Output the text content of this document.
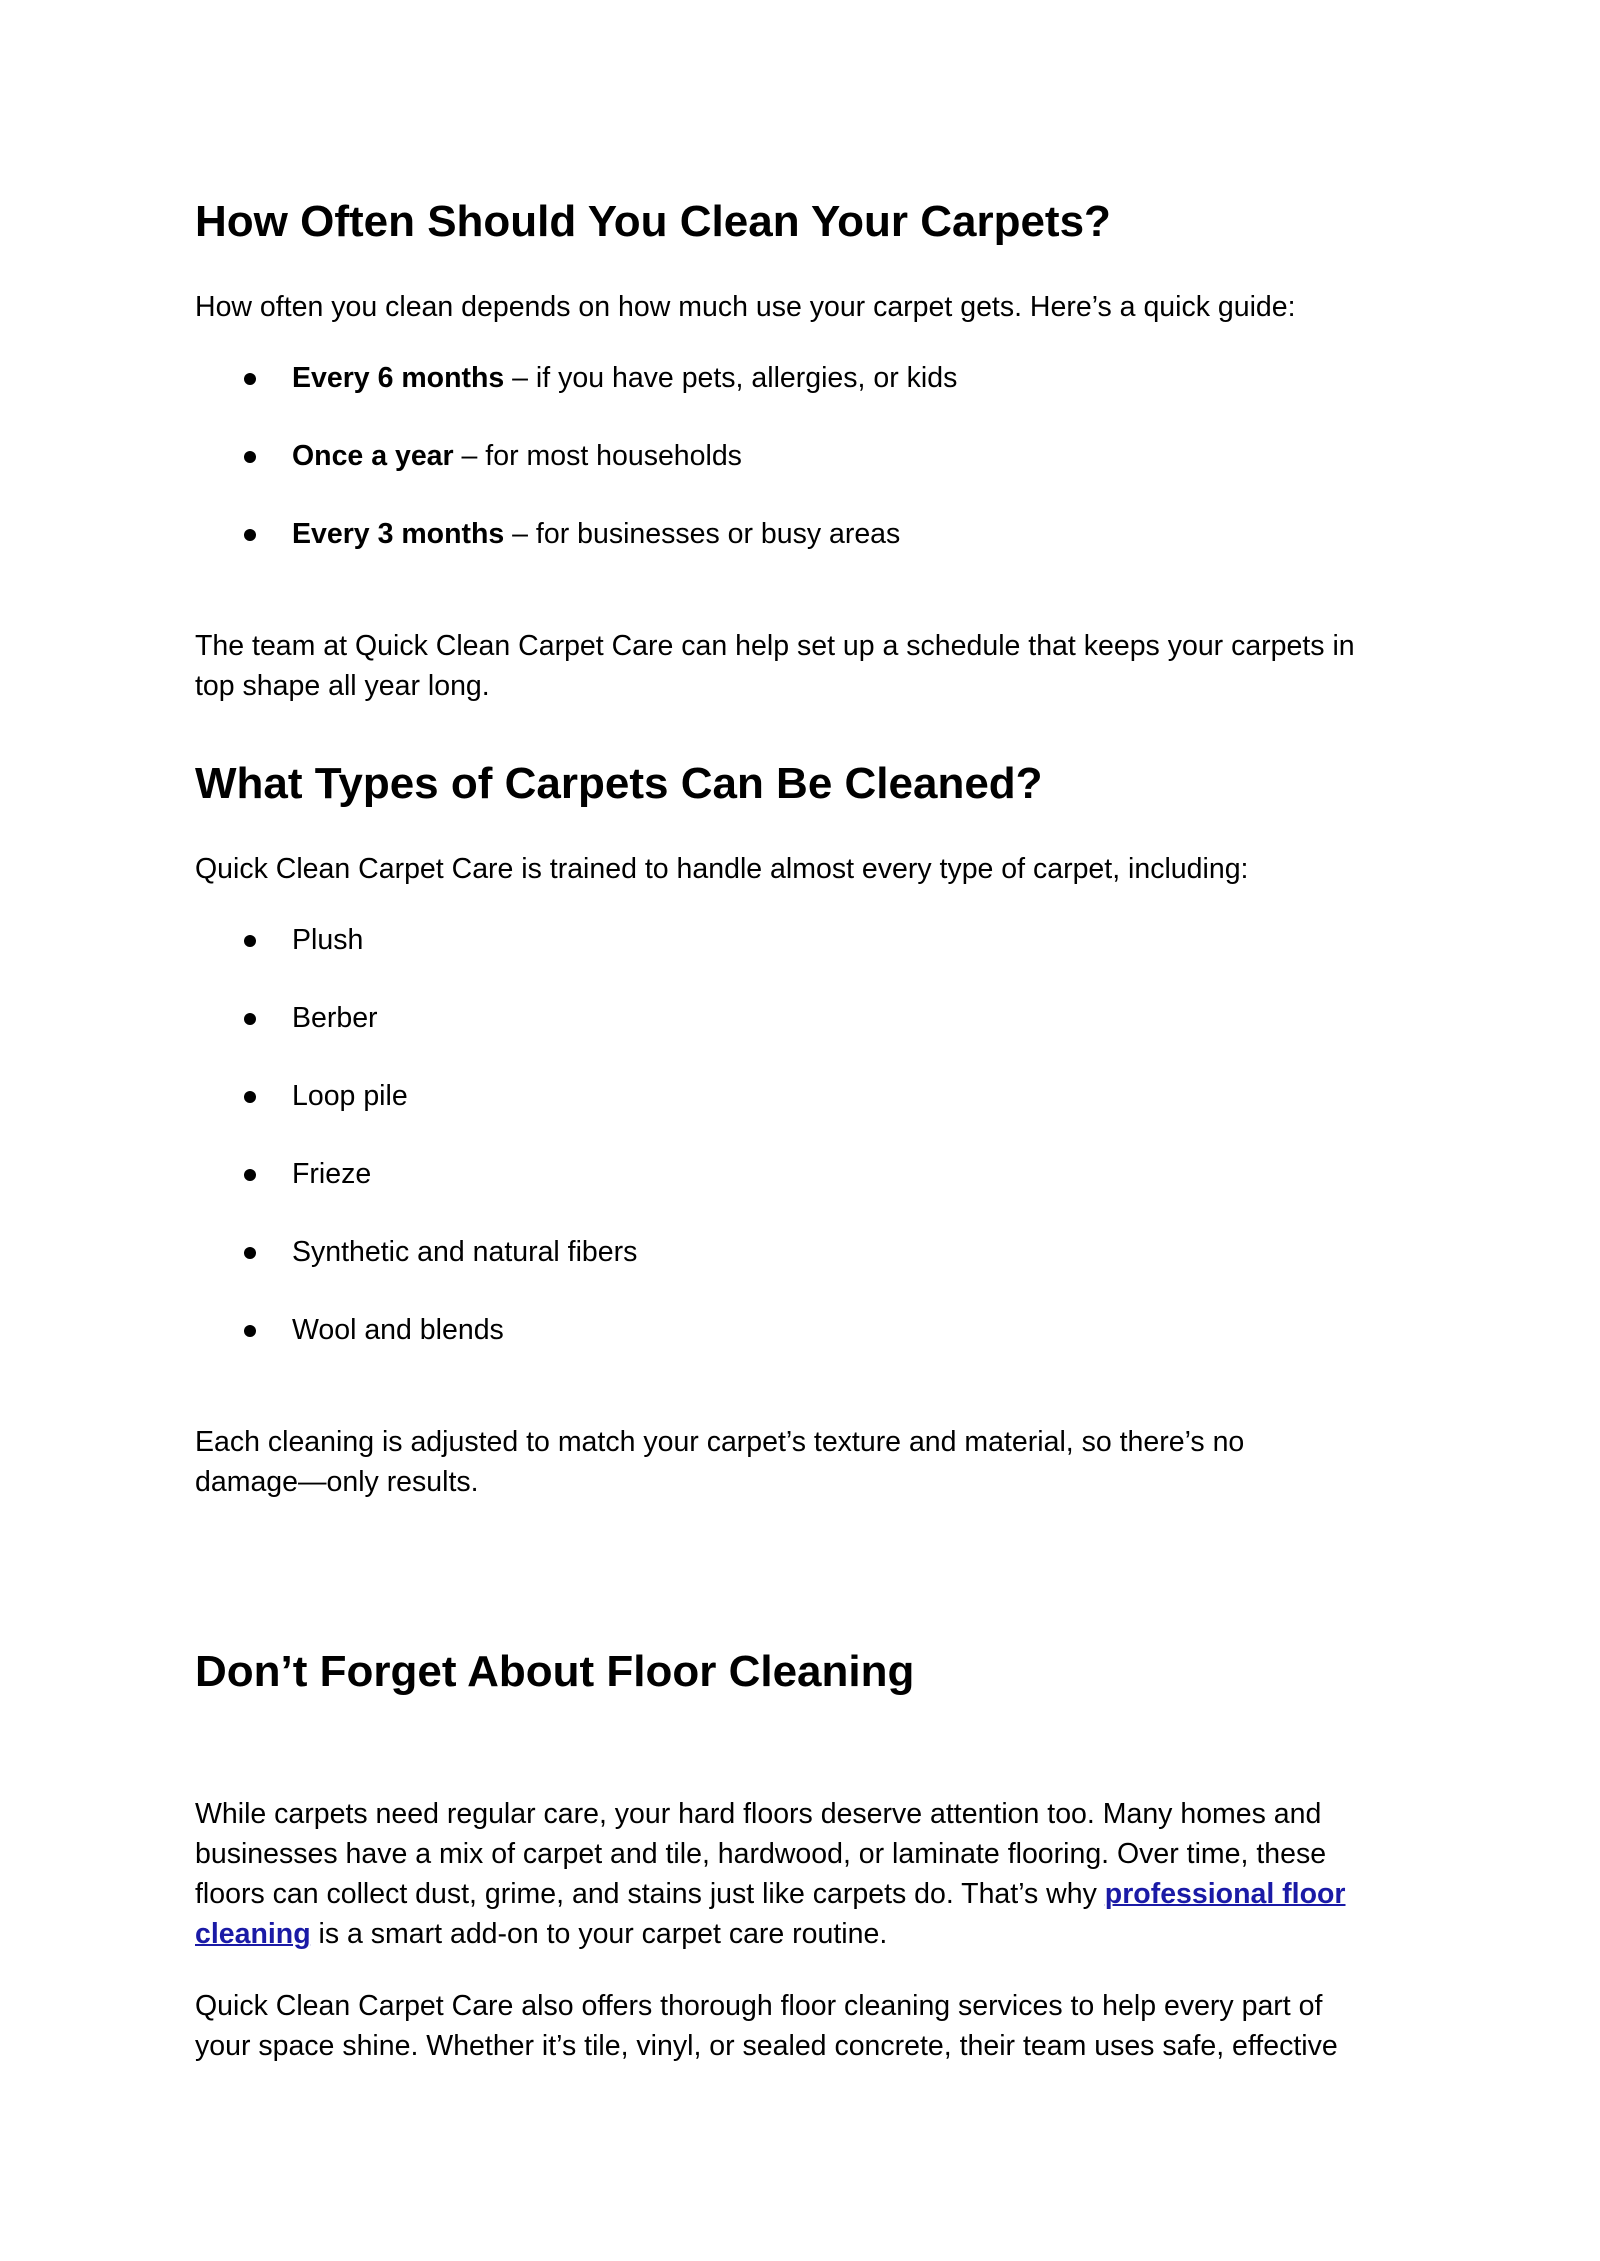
How Often Should You Clean Your Carpets?

How often you clean depends on how much use your carpet gets. Here’s a quick guide:

Every 6 months – if you have pets, allergies, or kids
Once a year – for most households
Every 3 months – for businesses or busy areas

The team at Quick Clean Carpet Care can help set up a schedule that keeps your carpets in

top shape all year long.

What Types of Carpets Can Be Cleaned?

Quick Clean Carpet Care is trained to handle almost every type of carpet, including:

Plush
Berber
Loop pile
Frieze
Synthetic and natural fibers
Wool and blends

Each cleaning is adjusted to match your carpet’s texture and material, so there’s no

damage—only results.

Don’t Forget About Floor Cleaning

While carpets need regular care, your hard floors deserve attention too. Many homes and

businesses have a mix of carpet and tile, hardwood, or laminate flooring. Over time, these

floors can collect dust, grime, and stains just like carpets do. That’s why professional floor

cleaning is a smart add-on to your carpet care routine.

Quick Clean Carpet Care also offers thorough floor cleaning services to help every part of

your space shine. Whether it’s tile, vinyl, or sealed concrete, their team uses safe, effective
